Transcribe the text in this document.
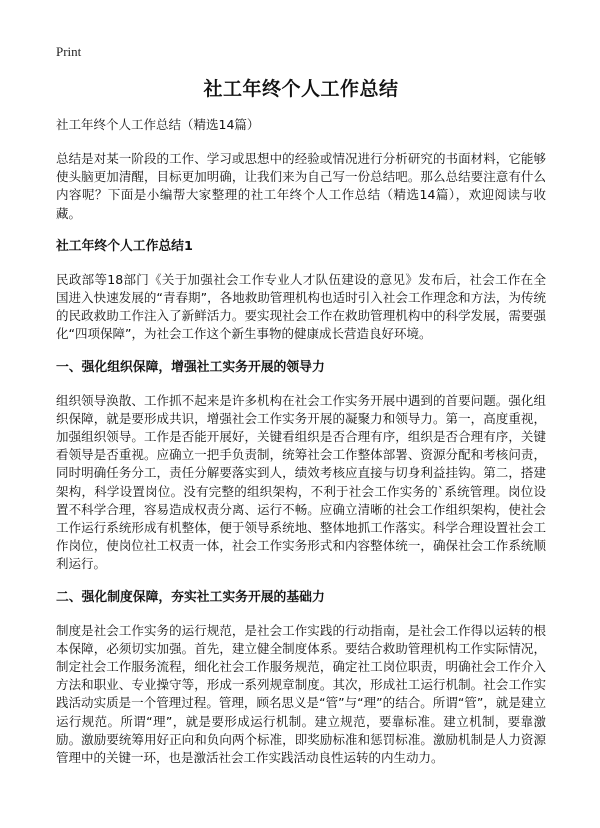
Print
社工年终个人工作总结
社工年终个人工作总结（精选14篇）

总结是对某一阶段的工作、学习或思想中的经验或情况进行分析研究的书面材料，它能够使头脑更加清醒，目标更加明确，让我们来为自己写一份总结吧。那么总结要注意有什么内容呢？下面是小编帮大家整理的社工年终个人工作总结（精选14篇），欢迎阅读与收藏。

社工年终个人工作总结1

民政部等18部门《关于加强社会工作专业人才队伍建设的意见》发布后，社会工作在全国进入快速发展的“青春期”，各地救助管理机构也适时引入社会工作理念和方法，为传统的民政救助工作注入了新鲜活力。要实现社会工作在救助管理机构中的科学发展，需要强化“四项保障”，为社会工作这个新生事物的健康成长营造良好环境。

一、强化组织保障，增强社工实务开展的领导力

组织领导涣散、工作抓不起来是许多机构在社会工作实务开展中遇到的首要问题。强化组织保障，就是要形成共识，增强社会工作实务开展的凝聚力和领导力。第一，高度重视，加强组织领导。工作是否能开展好，关键看组织是否合理有序，组织是否合理有序，关键看领导是否重视。应确立一把手负责制，统筹社会工作整体部署、资源分配和考核问责，同时明确任务分工，责任分解要落实到人，绩效考核应直接与切身利益挂钩。第二，搭建架构，科学设置岗位。没有完整的组织架构，不利于社会工作实务的`系统管理。岗位设置不科学合理，容易造成权责分离、运行不畅。应确立清晰的社会工作组织架构，使社会工作运行系统形成有机整体，便于领导系统地、整体地抓工作落实。科学合理设置社会工作岗位，使岗位社工权责一体，社会工作实务形式和内容整体统一，确保社会工作系统顺利运行。

二、强化制度保障，夯实社工实务开展的基础力

制度是社会工作实务的运行规范，是社会工作实践的行动指南，是社会工作得以运转的根本保障，必须切实加强。首先，建立健全制度体系。要结合救助管理机构工作实际情况，制定社会工作服务流程，细化社会工作服务规范，确定社工岗位职责，明确社会工作介入方法和职业、专业操守等，形成一系列规章制度。其次，形成社工运行机制。社会工作实践活动实质是一个管理过程。管理，顾名思义是“管”与“理”的结合。所谓“管”，就是建立运行规范。所谓“理”，就是要形成运行机制。建立规范，要靠标准。建立机制，要靠激励。激励要统筹用好正向和负向两个标准，即奖励标准和惩罚标准。激励机制是人力资源管理中的关键一环，也是激活社会工作实践活动良性运转的内生动力。
